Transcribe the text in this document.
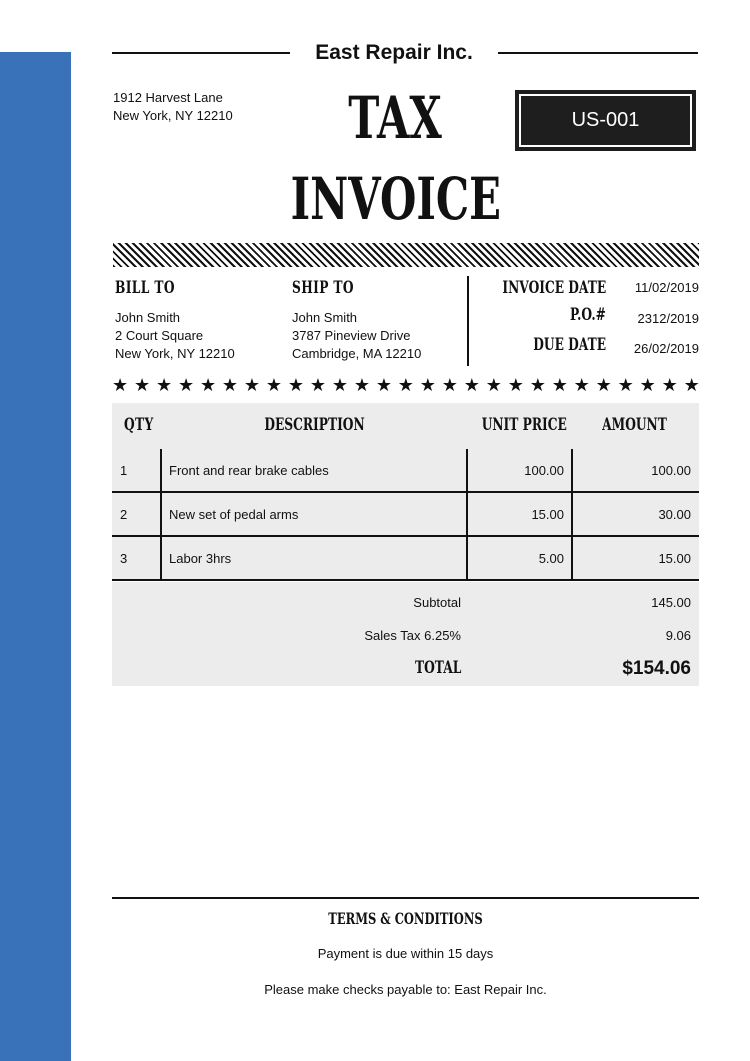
East Repair Inc.
1912 Harvest Lane
New York, NY 12210	TAX
INVOICE
US-001
BILL TO
John Smith
2 Court Square
New York, NY 12210
SHIP TO
John Smith
3787 Pineview Drive
Cambridge, MA 12210
INVOICE DATE 11/02/2019
P.O.# 2312/2019
DUE DATE 26/02/2019
★ ★ ★ ★ ★ ★ ★ ★ ★ ★ ★ ★ ★ ★ ★ ★ ★ ★ ★ ★ ★ ★ ★ ★ ★ ★ ★
QTY	DESCRIPTION	UNIT PRICE	AMOUNT
1	Front and rear brake cables	100.00	100.00
2	New set of pedal arms	15.00	30.00
3	Labor 3hrs	5.00	15.00
Subtotal	145.00
Sales Tax 6.25%	9.06
TOTAL	$154.06
TERMS & CONDITIONS
Payment is due within 15 days
Please make checks payable to: East Repair Inc.
